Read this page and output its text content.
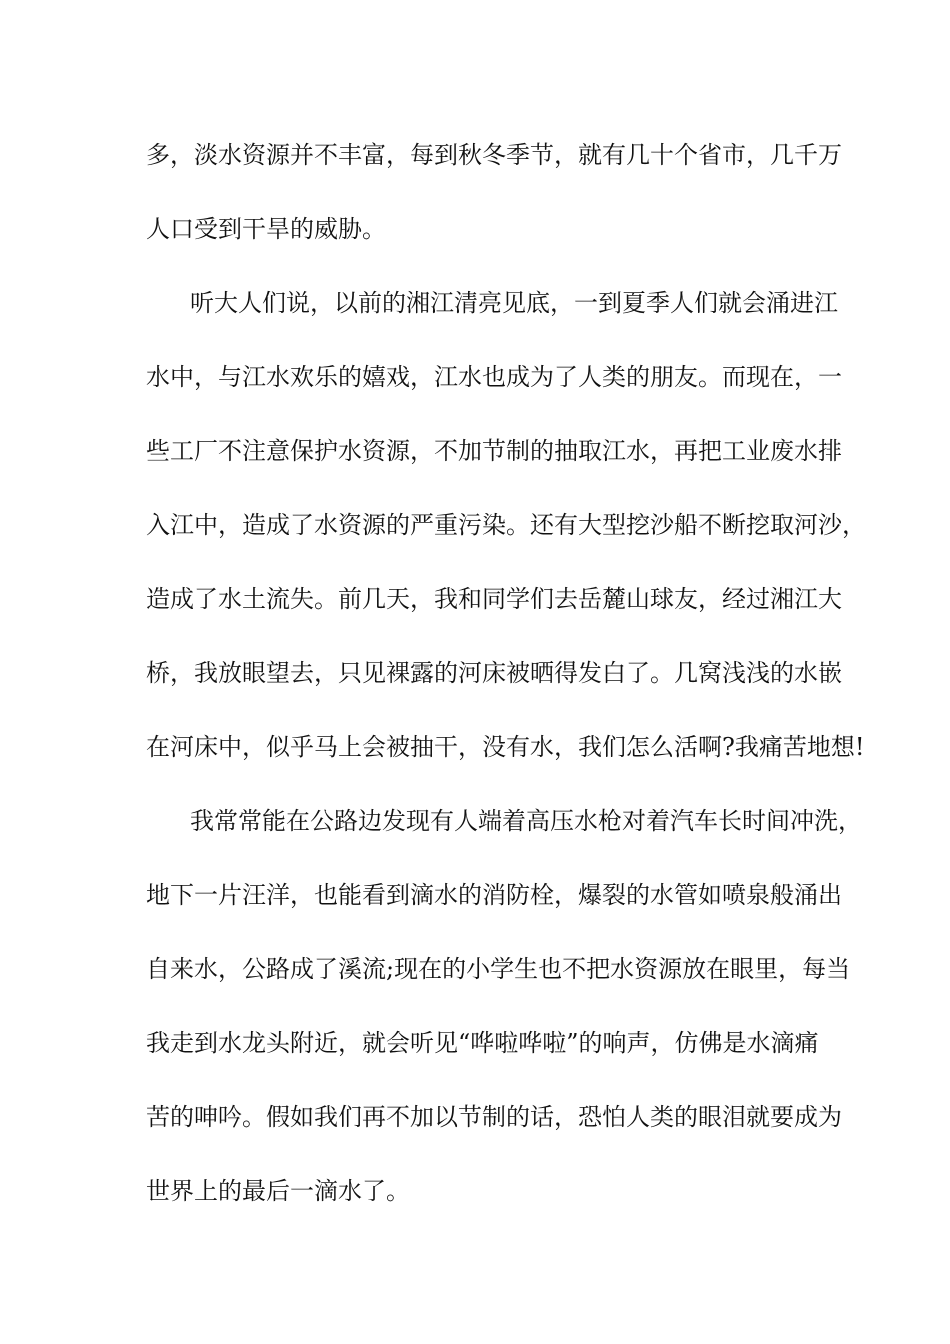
多，淡水资源并不丰富，每到秋冬季节，就有几十个省市，几千万
人口受到干旱的威胁。
听大人们说，以前的湘江清亮见底，一到夏季人们就会涌进江
水中，与江水欢乐的嬉戏，江水也成为了人类的朋友。而现在，一
些工厂不注意保护水资源，不加节制的抽取江水，再把工业废水排
入江中，造成了水资源的严重污染。还有大型挖沙船不断挖取河沙，
造成了水土流失。前几天，我和同学们去岳麓山球友，经过湘江大
桥，我放眼望去，只见裸露的河床被晒得发白了。几窝浅浅的水嵌
在河床中，似乎马上会被抽干，没有水，我们怎么活啊?我痛苦地想!
我常常能在公路边发现有人端着高压水枪对着汽车长时间冲洗，
地下一片汪洋，也能看到滴水的消防栓，爆裂的水管如喷泉般涌出
自来水，公路成了溪流;现在的小学生也不把水资源放在眼里，每当
我走到水龙头附近，就会听见“哗啦哗啦”的响声，仿佛是水滴痛
苦的呻吟。假如我们再不加以节制的话，恐怕人类的眼泪就要成为
世界上的最后一滴水了。
